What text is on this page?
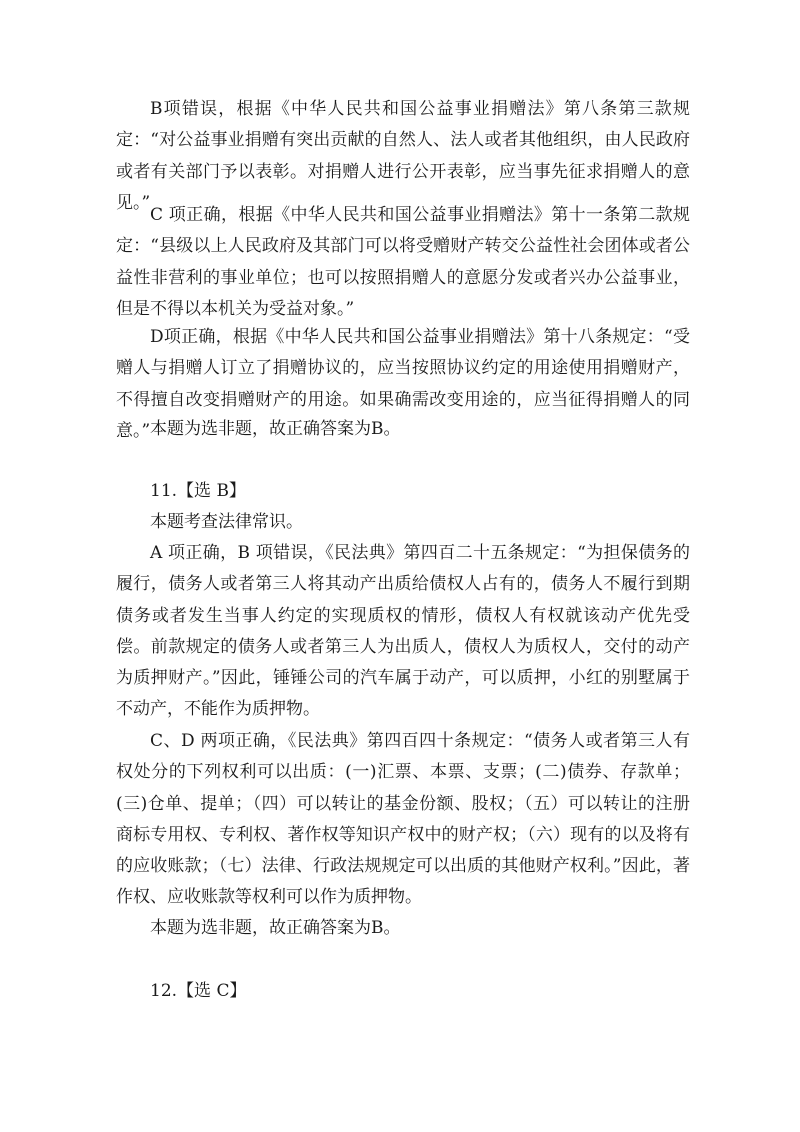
B项错误，根据《中华人民共和国公益事业捐赠法》第八条第三款规定：“对公益事业捐赠有突出贡献的自然人、法人或者其他组织，由人民政府或者有关部门予以表彰。对捐赠人进行公开表彰，应当事先征求捐赠人的意见。”

C 项正确，根据《中华人民共和国公益事业捐赠法》第十一条第二款规定：“县级以上人民政府及其部门可以将受赠财产转交公益性社会团体或者公益性非营利的事业单位；也可以按照捐赠人的意愿分发或者兴办公益事业，但是不得以本机关为受益对象。”

D项正确，根据《中华人民共和国公益事业捐赠法》第十八条规定：“受赠人与捐赠人订立了捐赠协议的，应当按照协议约定的用途使用捐赠财产，不得擅自改变捐赠财产的用途。如果确需改变用途的，应当征得捐赠人的同意。” 本题为选非题，故正确答案为B。

11.【选 B】

本题考查法律常识。

A 项正确，B 项错误，《民法典》第四百二十五条规定：“为担保债务的履行，债务人或者第三人将其动产出质给债权人占有的，债务人不履行到期债务或者发生当事人约定的实现质权的情形，债权人有权就该动产优先受偿。前款规定的债务人或者第三人为出质人，债权人为质权人，交付的动产为质押财产。”因此，锤锤公司的汽车属于动产，可以质押，小红的别墅属于不动产，不能作为质押物。

C、D 两项正确，《民法典》第四百四十条规定：“债务人或者第三人有权处分的下列权利可以出质：(一)汇票、本票、支票；(二)债券、存款单；(三)仓单、提单；（四）可以转让的基金份额、股权；（五）可以转让的注册商标专用权、专利权、著作权等知识产权中的财产权；（六）现有的以及将有的应收账款；（七）法律、行政法规规定可以出质的其他财产权利。”因此，著作权、应收账款等权利可以作为质押物。

本题为选非题，故正确答案为B。

12.【选 C】
